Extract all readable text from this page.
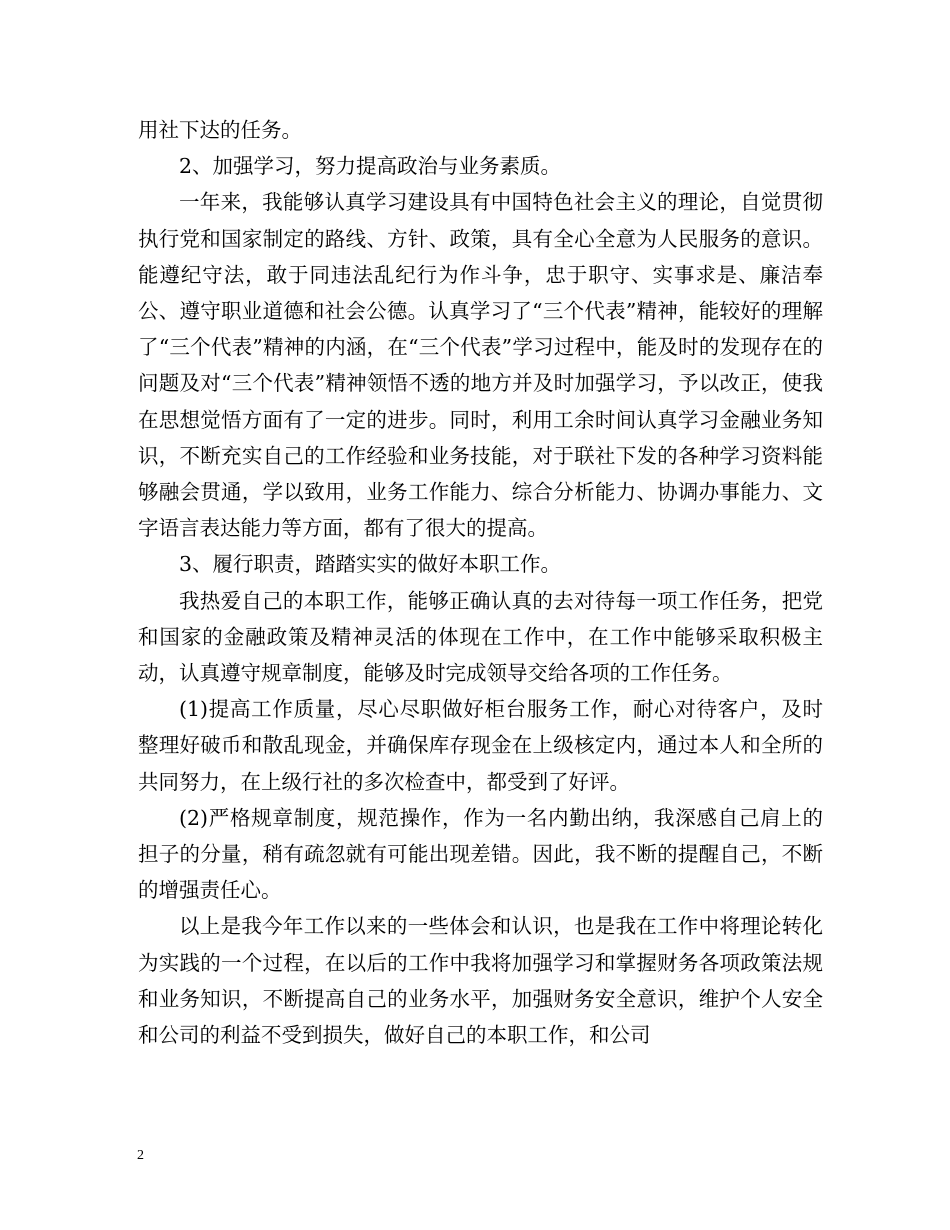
用社下达的任务。

2、加强学习，努力提高政治与业务素质。

一年来，我能够认真学习建设具有中国特色社会主义的理论，自觉贯彻执行党和国家制定的路线、方针、政策，具有全心全意为人民服务的意识。能遵纪守法，敢于同违法乱纪行为作斗争，忠于职守、实事求是、廉洁奉公、遵守职业道德和社会公德。认真学习了“三个代表”精神，能较好的理解了“三个代表”精神的内涵，在“三个代表”学习过程中，能及时的发现存在的问题及对“三个代表”精神领悟不透的地方并及时加强学习，予以改正，使我在思想觉悟方面有了一定的进步。同时，利用工余时间认真学习金融业务知识，不断充实自己的工作经验和业务技能，对于联社下发的各种学习资料能够融会贯通，学以致用，业务工作能力、综合分析能力、协调办事能力、文字语言表达能力等方面，都有了很大的提高。

3、履行职责，踏踏实实的做好本职工作。

我热爱自己的本职工作，能够正确认真的去对待每一项工作任务，把党和国家的金融政策及精神灵活的体现在工作中，在工作中能够采取积极主动，认真遵守规章制度，能够及时完成领导交给各项的工作任务。

(1)提高工作质量，尽心尽职做好柜台服务工作，耐心对待客户，及时整理好破币和散乱现金，并确保库存现金在上级核定内，通过本人和全所的共同努力，在上级行社的多次检查中，都受到了好评。

(2)严格规章制度，规范操作，作为一名内勤出纳，我深感自己肩上的担子的分量，稍有疏忽就有可能出现差错。因此，我不断的提醒自己，不断的增强责任心。

以上是我今年工作以来的一些体会和认识，也是我在工作中将理论转化为实践的一个过程，在以后的工作中我将加强学习和掌握财务各项政策法规和业务知识，不断提高自己的业务水平，加强财务安全意识，维护个人安全和公司的利益不受到损失，做好自己的本职工作，和公司

2
